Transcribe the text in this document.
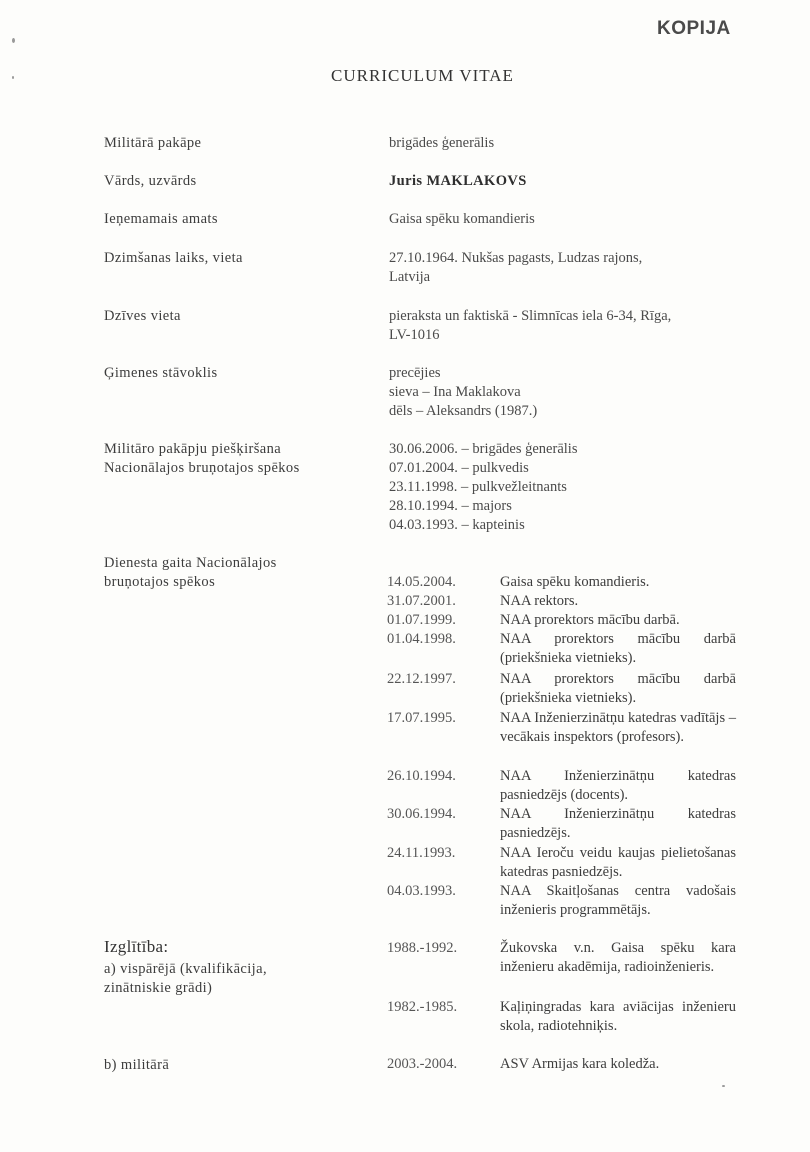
KOPIJA
CURRICULUM VITAE
Militārā pakāpe	brigādes ģenerālis
Vārds, uzvārds	Juris MAKLAKOVS
Ieņemamais amats	Gaisa spēku komandieris
Dzimšanas laiks, vieta	27.10.1964. Nukšas pagasts, Ludzas rajons,
Latvija
Dzīves vieta	pieraksta un faktiskā - Slimnīcas iela 6-34, Rīga,
LV-1016
Ģimenes stāvoklis	precējies
sieva – Ina Maklakova
dēls – Aleksandrs (1987.)
Militāro pakāpju piešķiršana
Nacionālajos bruņotajos spēkos
30.06.2006. – brigādes ģenerālis
07.01.2004. – pulkvedis
23.11.1998. – pulkvežleitnants
28.10.1994. – majors
04.03.1993. – kapteinis
Dienesta gaita Nacionālajos
bruņotajos spēkos	14.05.2004.	Gaisa spēku komandieris.
31.07.2001.	NAA rektors.
01.07.1999.	NAA prorektors mācību darbā.
01.04.1998.	NAA prorektors mācību darbā (priekšnieka vietnieks).
22.12.1997.	NAA prorektors mācību darbā (priekšnieka vietnieks).
17.07.1995.	NAA Inženierzinātņu katedras vadītājs – vecākais inspektors (profesors).
26.10.1994.	NAA Inženierzinātņu katedras pasniedzējs (docents).
30.06.1994.	NAA Inženierzinātņu katedras pasniedzējs.
24.11.1993.	NAA Ieroču veidu kaujas pielietošanas katedras pasniedzējs.
04.03.1993.	NAA Skaitļošanas centra vadošais inženieris programmētājs.
Izglītība:
a) vispārējā (kvalifikācija,
zinātniskie grādi)
1988.-1992.	Žukovska v.n. Gaisa spēku kara inženieru akadēmija, radioinženieris.
1982.-1985.	Kaļiņingradas kara aviācijas inženieru skola, radiotehniķis.
b) militārā	2003.-2004.	ASV Armijas kara koledža.
